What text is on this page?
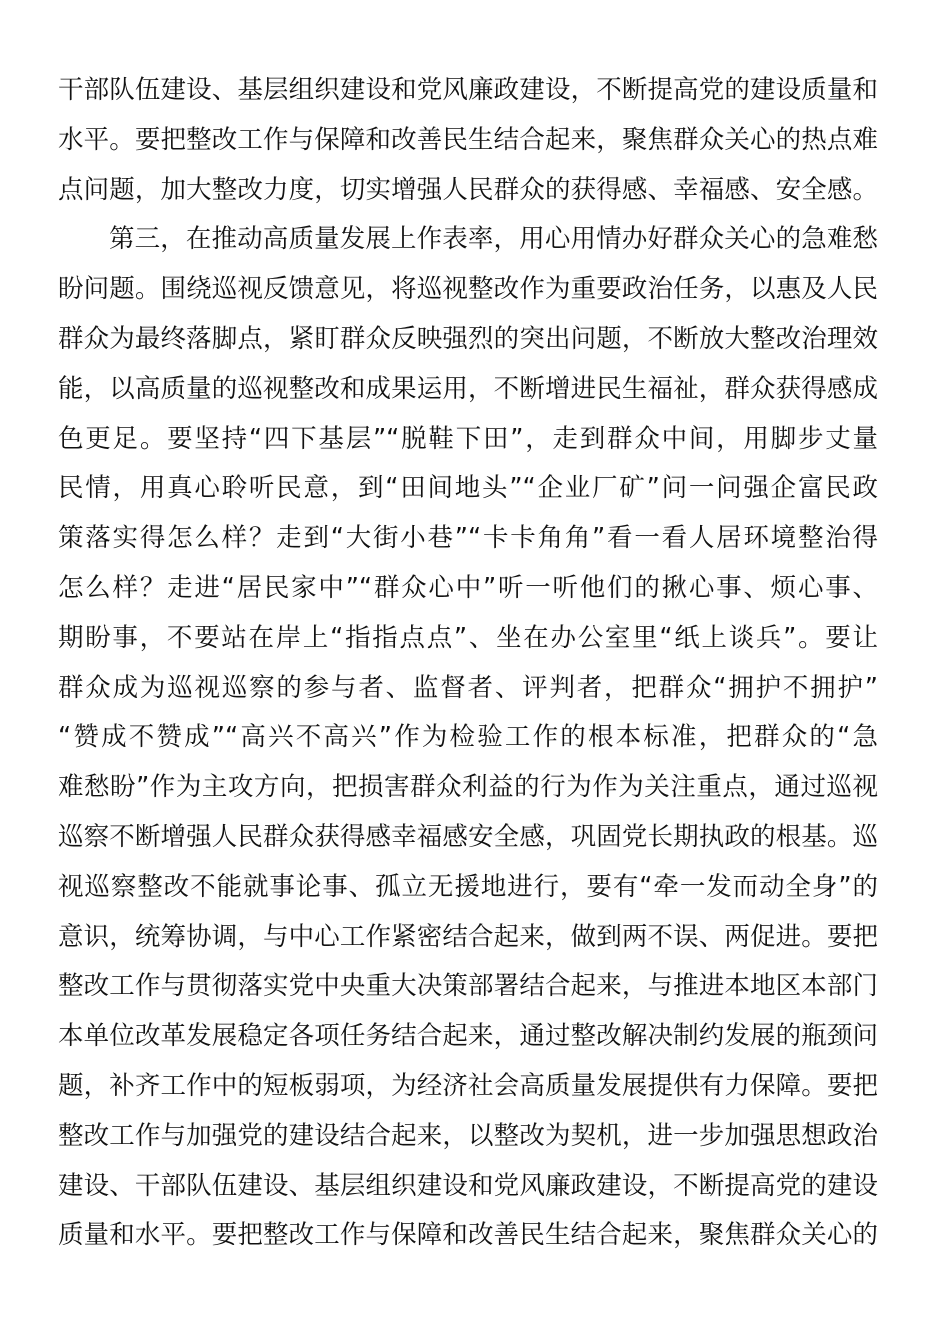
干部队伍建设、基层组织建设和党风廉政建设，不断提高党的建设质量和
水平。要把整改工作与保障和改善民生结合起来，聚焦群众关心的热点难
点问题，加大整改力度，切实增强人民群众的获得感、幸福感、安全感。
第三，在推动高质量发展上作表率，用心用情办好群众关心的急难愁
盼问题。围绕巡视反馈意见，将巡视整改作为重要政治任务，以惠及人民
群众为最终落脚点，紧盯群众反映强烈的突出问题，不断放大整改治理效
能，以高质量的巡视整改和成果运用，不断增进民生福祉，群众获得感成
色更足。要坚持“四下基层”“脱鞋下田”，走到群众中间，用脚步丈量
民情，用真心聆听民意，到“田间地头”“企业厂矿”问一问强企富民政
策落实得怎么样？走到“大街小巷”“卡卡角角”看一看人居环境整治得
怎么样？走进“居民家中”“群众心中”听一听他们的揪心事、烦心事、
期盼事，不要站在岸上“指指点点”、坐在办公室里“纸上谈兵”。要让
群众成为巡视巡察的参与者、监督者、评判者，把群众“拥护不拥护”
“赞成不赞成”“高兴不高兴”作为检验工作的根本标准，把群众的“急
难愁盼”作为主攻方向，把损害群众利益的行为作为关注重点，通过巡视
巡察不断增强人民群众获得感幸福感安全感，巩固党长期执政的根基。巡
视巡察整改不能就事论事、孤立无援地进行，要有“牵一发而动全身”的
意识，统筹协调，与中心工作紧密结合起来，做到两不误、两促进。要把
整改工作与贯彻落实党中央重大决策部署结合起来，与推进本地区本部门
本单位改革发展稳定各项任务结合起来，通过整改解决制约发展的瓶颈问
题，补齐工作中的短板弱项，为经济社会高质量发展提供有力保障。要把
整改工作与加强党的建设结合起来，以整改为契机，进一步加强思想政治
建设、干部队伍建设、基层组织建设和党风廉政建设，不断提高党的建设
质量和水平。要把整改工作与保障和改善民生结合起来，聚焦群众关心的
